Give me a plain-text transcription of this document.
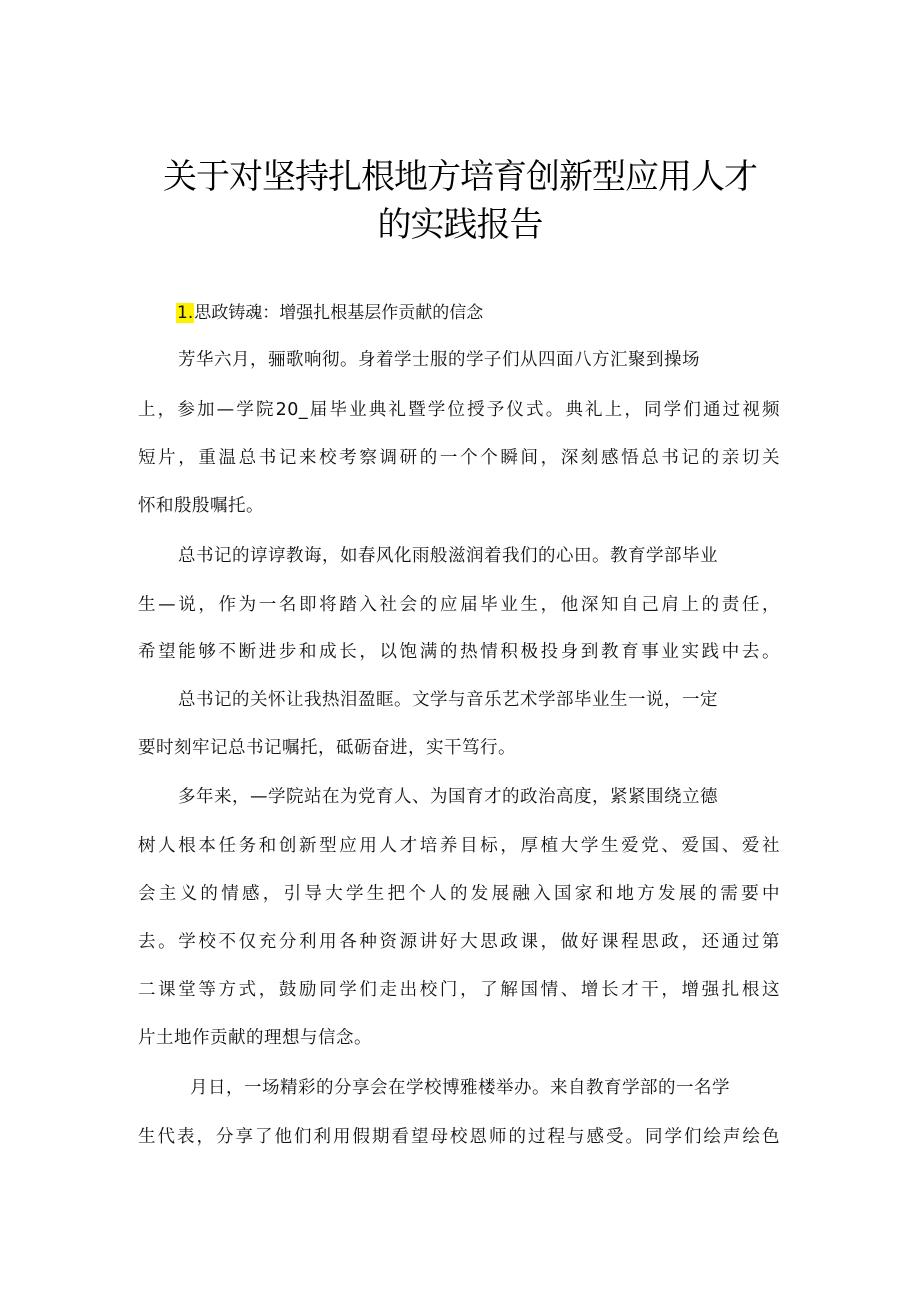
关于对坚持扎根地方培育创新型应用人才
的实践报告
1.思政铸魂：增强扎根基层作贡献的信念
芳华六月，骊歌响彻。身着学士服的学子们从四面八方汇聚到操场
上，参加—学院20_届毕业典礼暨学位授予仪式。典礼上，同学们通过视频
短片，重温总书记来校考察调研的一个个瞬间，深刻感悟总书记的亲切关
怀和殷殷嘱托。
总书记的谆谆教诲，如春风化雨般滋润着我们的心田。教育学部毕业
生—说，作为一名即将踏入社会的应届毕业生，他深知自己肩上的责任，
希望能够不断进步和成长，以饱满的热情积极投身到教育事业实践中去。
总书记的关怀让我热泪盈眶。文学与音乐艺术学部毕业生一说，一定
要时刻牢记总书记嘱托，砥砺奋进，实干笃行。
多年来，—学院站在为党育人、为国育才的政治高度，紧紧围绕立德
树人根本任务和创新型应用人才培养目标，厚植大学生爱党、爱国、爱社
会主义的情感，引导大学生把个人的发展融入国家和地方发展的需要中
去。学校不仅充分利用各种资源讲好大思政课，做好课程思政，还通过第
二课堂等方式，鼓励同学们走出校门，了解国情、增长才干，增强扎根这
片土地作贡献的理想与信念。
月日，一场精彩的分享会在学校博雅楼举办。来自教育学部的一名学
生代表，分享了他们利用假期看望母校恩师的过程与感受。同学们绘声绘色
